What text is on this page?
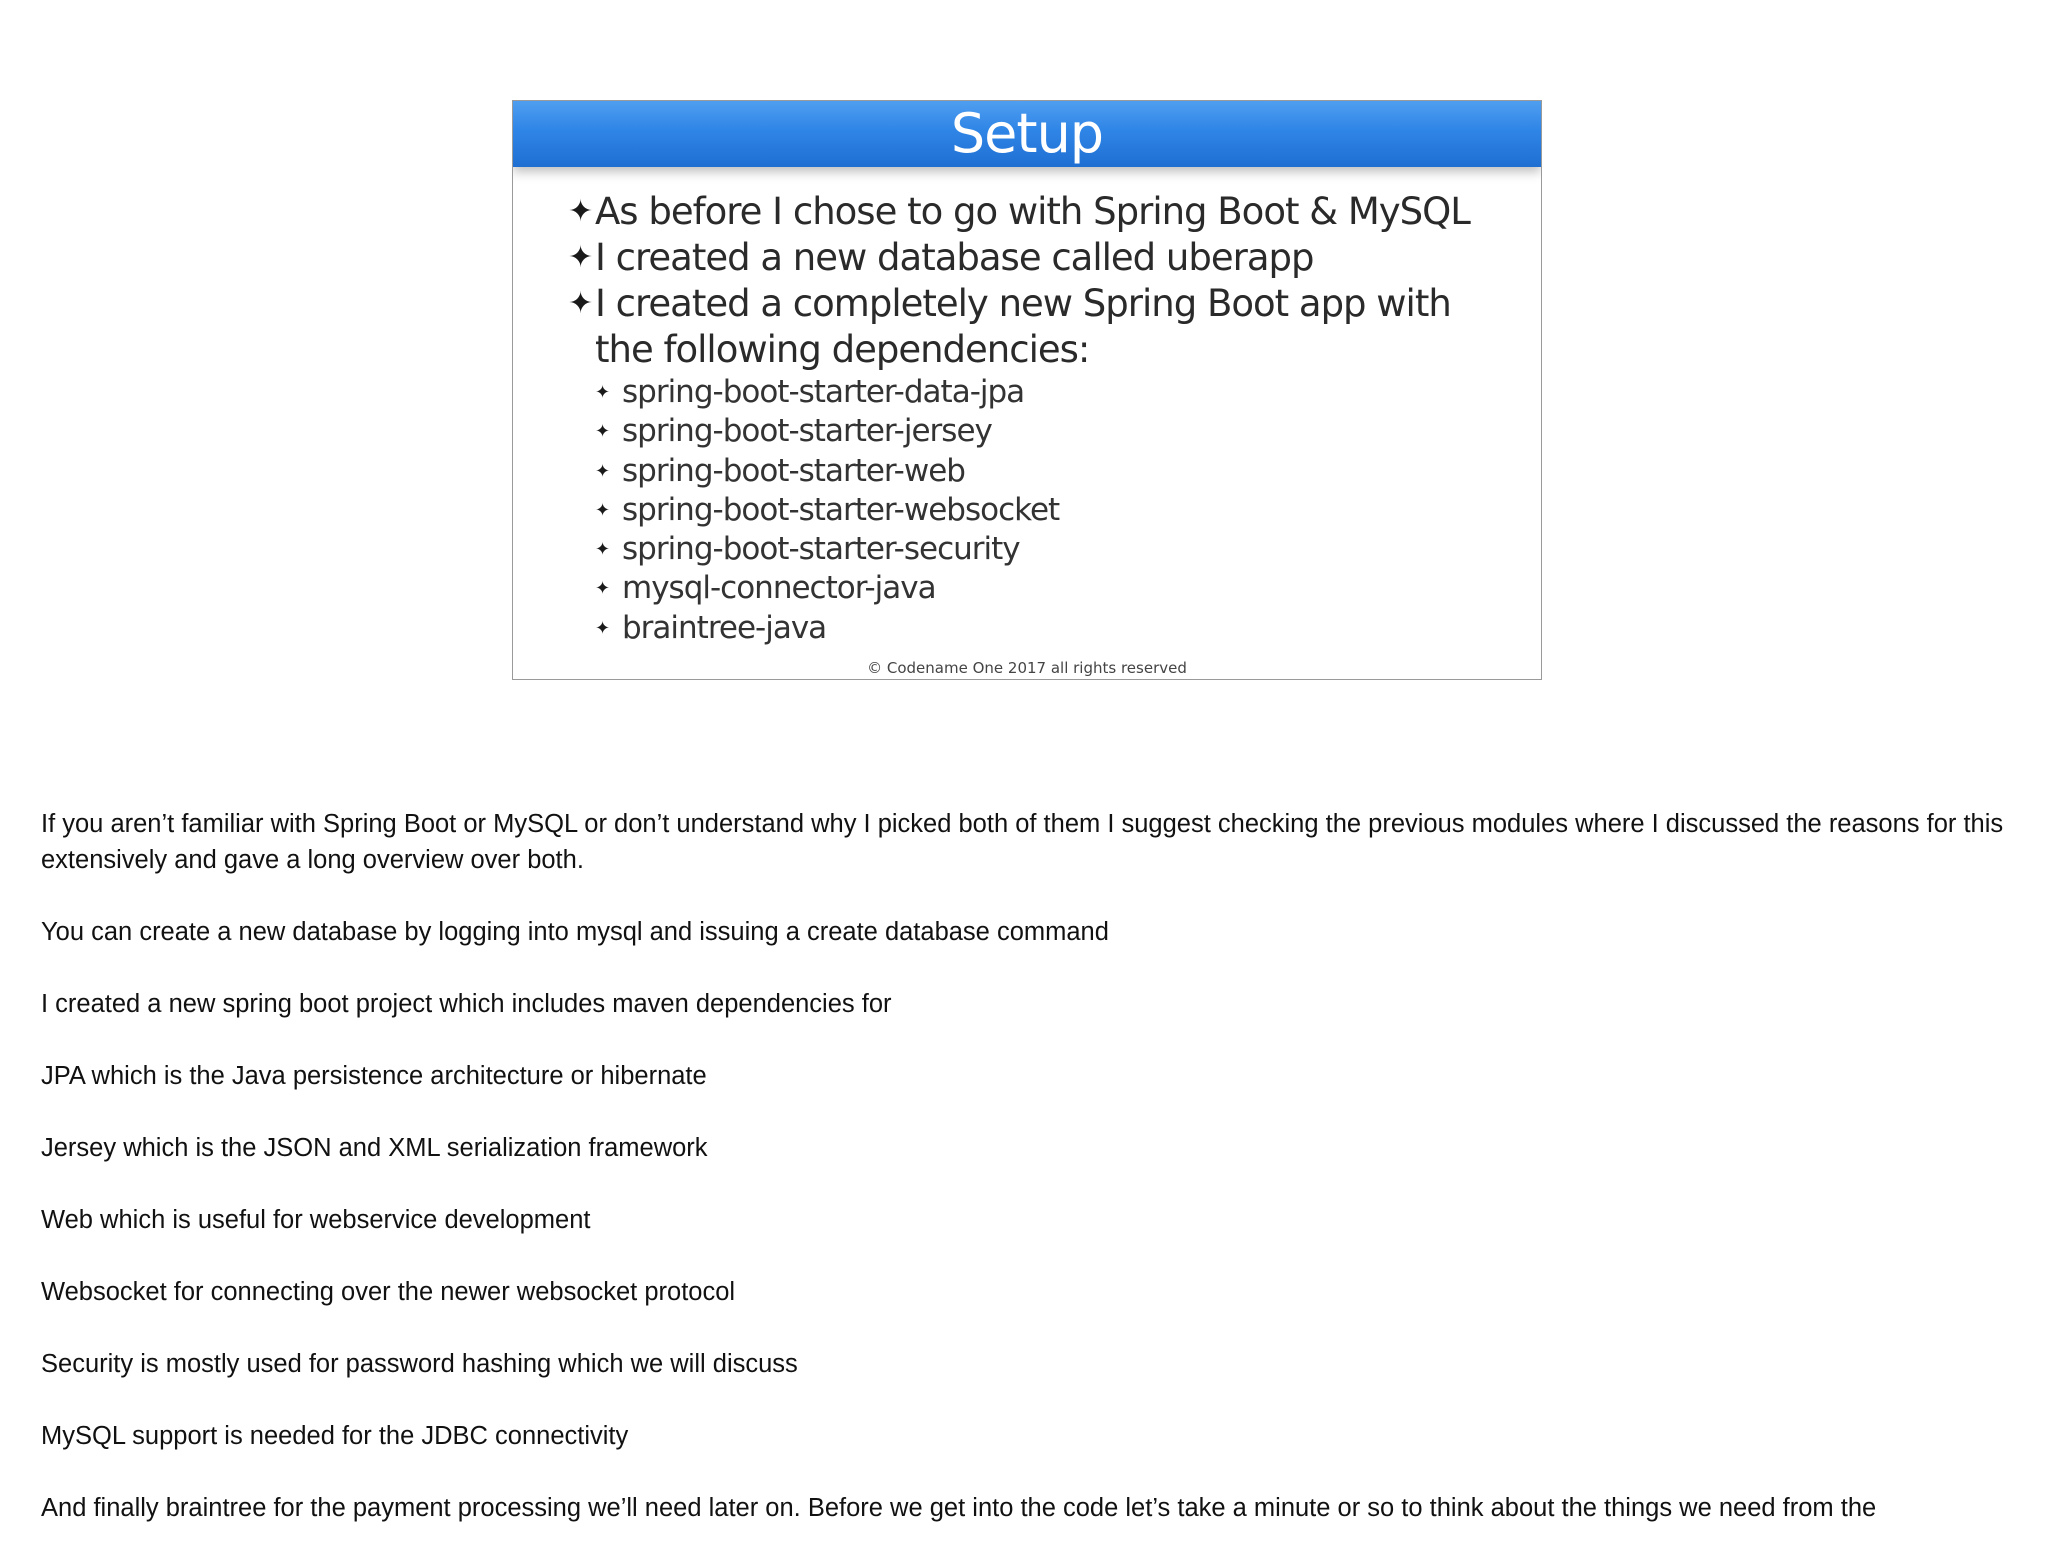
Setup
✦ As before I chose to go with Spring Boot & MySQL
✦ I created a new database called uberapp
✦ I created a completely new Spring Boot app with the following dependencies:
✦ spring-boot-starter-data-jpa
✦ spring-boot-starter-jersey
✦ spring-boot-starter-web
✦ spring-boot-starter-websocket
✦ spring-boot-starter-security
✦ mysql-connector-java
✦ braintree-java
© Codename One 2017 all rights reserved

If you aren’t familiar with Spring Boot or MySQL or don’t understand why I picked both of them I suggest checking the previous modules where I discussed the reasons for this extensively and gave a long overview over both.

You can create a new database by logging into mysql and issuing a create database command

I created a new spring boot project which includes maven dependencies for

JPA which is the Java persistence architecture or hibernate

Jersey which is the JSON and XML serialization framework

Web which is useful for webservice development

Websocket for connecting over the newer websocket protocol

Security is mostly used for password hashing which we will discuss

MySQL support is needed for the JDBC connectivity

And finally braintree for the payment processing we’ll need later on. Before we get into the code let’s take a minute or so to think about the things we need from the
